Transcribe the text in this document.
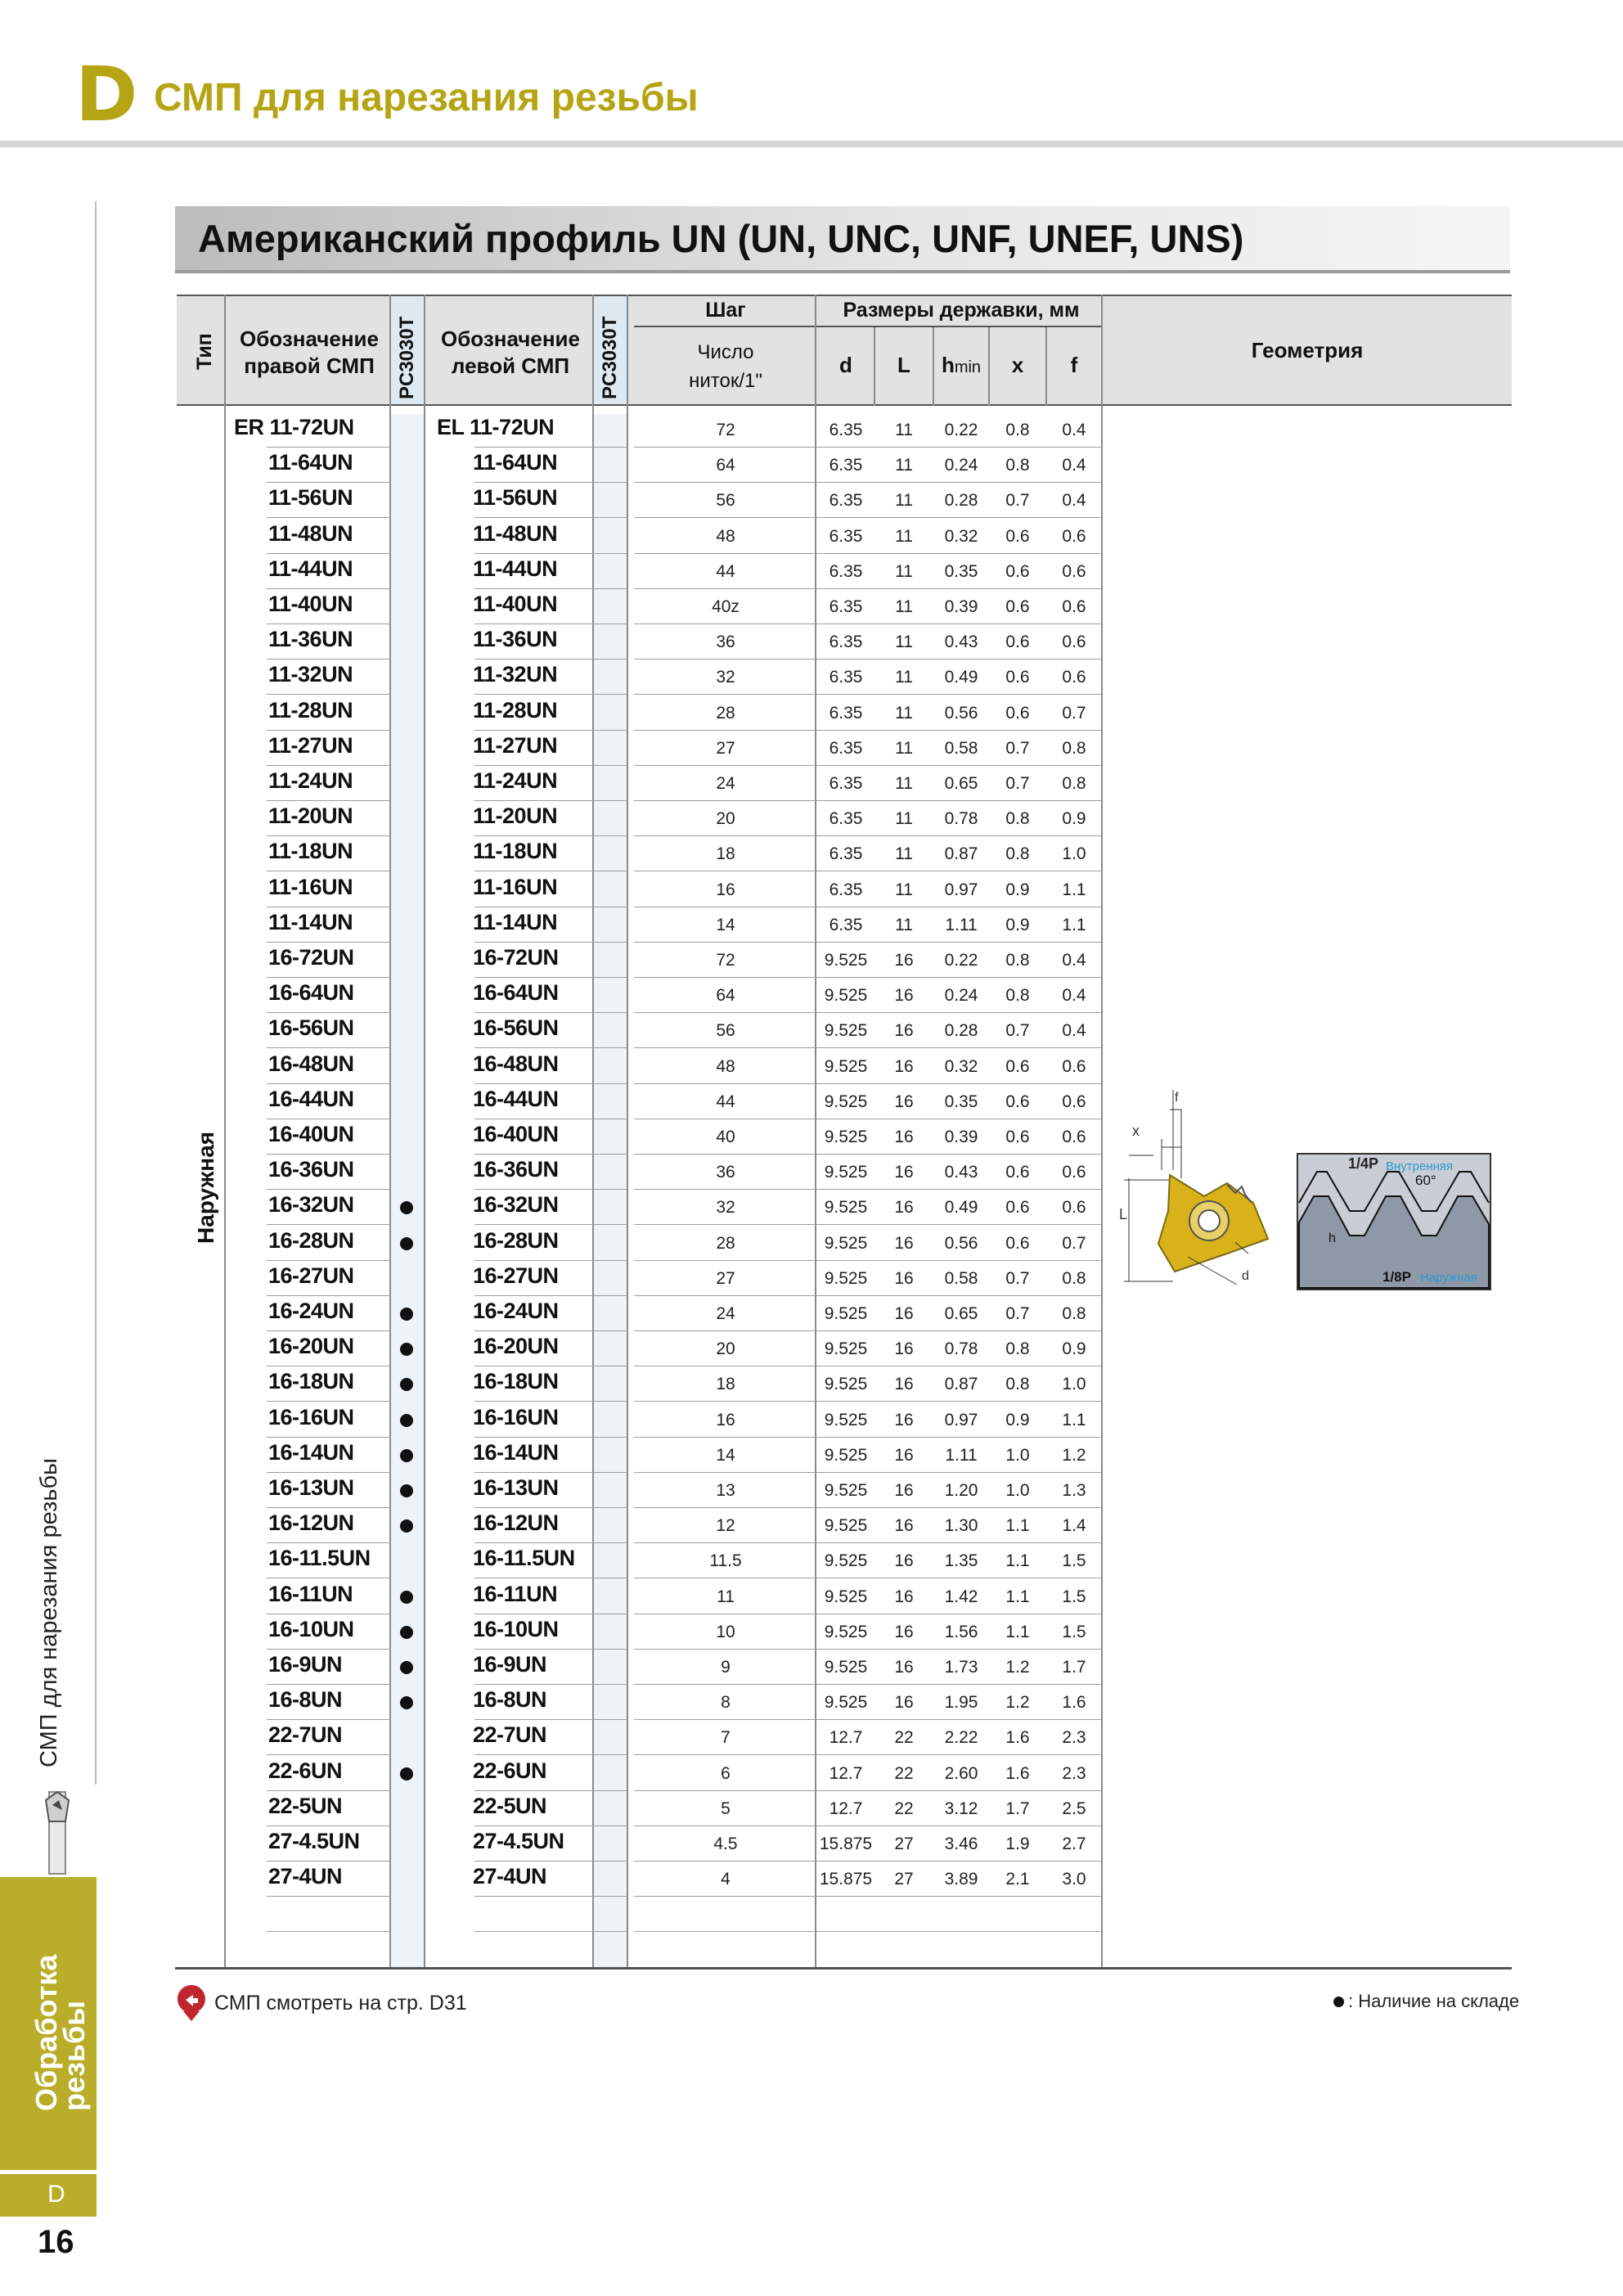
D СМП для нарезания резьбы
СМП для нарезания резьбы
Обработка
резьбы
D
16
Американский профиль UN (UN, UNC, UNF, UNEF, UNS)
Тип	Обозначение
правой СМП	PC3030T	Обозначение
левой СМП	PC3030T
Шаг
Число
ниток/1"
Размеры державки, мм
d	L	hmin	x	f
Геометрия
Наружная
ER 11-72UN	EL 11-72UN	72	6.35	11	0.22	0.8	0.4
11-64UN	11-64UN	64	6.35	11	0.24	0.8	0.4
11-56UN	11-56UN	56	6.35	11	0.28	0.7	0.4
11-48UN	11-48UN	48	6.35	11	0.32	0.6	0.6
11-44UN	11-44UN	44	6.35	11	0.35	0.6	0.6
11-40UN	11-40UN	40z	6.35	11	0.39	0.6	0.6
11-36UN	11-36UN	36	6.35	11	0.43	0.6	0.6
11-32UN	11-32UN	32	6.35	11	0.49	0.6	0.6
11-28UN	11-28UN	28	6.35	11	0.56	0.6	0.7
11-27UN	11-27UN	27	6.35	11	0.58	0.7	0.8
11-24UN	11-24UN	24	6.35	11	0.65	0.7	0.8
11-20UN	11-20UN	20	6.35	11	0.78	0.8	0.9
11-18UN	11-18UN	18	6.35	11	0.87	0.8	1.0
11-16UN	11-16UN	16	6.35	11	0.97	0.9	1.1
11-14UN	11-14UN	14	6.35	11	1.11	0.9	1.1
16-72UN	16-72UN	72	9.525	16	0.22	0.8	0.4
16-64UN	16-64UN	64	9.525	16	0.24	0.8	0.4
16-56UN	16-56UN	56	9.525	16	0.28	0.7	0.4
16-48UN	16-48UN	48	9.525	16	0.32	0.6	0.6
16-44UN	16-44UN	44	9.525	16	0.35	0.6	0.6
16-40UN	16-40UN	40	9.525	16	0.39	0.6	0.6
16-36UN	16-36UN	36	9.525	16	0.43	0.6	0.6
16-32UN	16-32UN	32	9.525	16	0.49	0.6	0.6
16-28UN	16-28UN	28	9.525	16	0.56	0.6	0.7
16-27UN	16-27UN	27	9.525	16	0.58	0.7	0.8
16-24UN	16-24UN	24	9.525	16	0.65	0.7	0.8
16-20UN	16-20UN	20	9.525	16	0.78	0.8	0.9
16-18UN	16-18UN	18	9.525	16	0.87	0.8	1.0
16-16UN	16-16UN	16	9.525	16	0.97	0.9	1.1
16-14UN	16-14UN	14	9.525	16	1.11	1.0	1.2
16-13UN	16-13UN	13	9.525	16	1.20	1.0	1.3
16-12UN	16-12UN	12	9.525	16	1.30	1.1	1.4
16-11.5UN	16-11.5UN	11.5	9.525	16	1.35	1.1	1.5
16-11UN	16-11UN	11	9.525	16	1.42	1.1	1.5
16-10UN	16-10UN	10	9.525	16	1.56	1.1	1.5
16-9UN	16-9UN	9	9.525	16	1.73	1.2	1.7
16-8UN	16-8UN	8	9.525	16	1.95	1.2	1.6
22-7UN	22-7UN	7	12.7	22	2.22	1.6	2.3
22-6UN	22-6UN	6	12.7	22	2.60	1.6	2.3
22-5UN	22-5UN	5	12.7	22	3.12	1.7	2.5
27-4.5UN	27-4.5UN	4.5	15.875	27	3.46	1.9	2.7
27-4UN	27-4UN	4	15.875	27	3.89	2.1	3.0
f
x
L
d
1/4P Внутренняя
60°
h
1/8P Наружная
СМП смотреть на стр. D31	: Наличие на складе
